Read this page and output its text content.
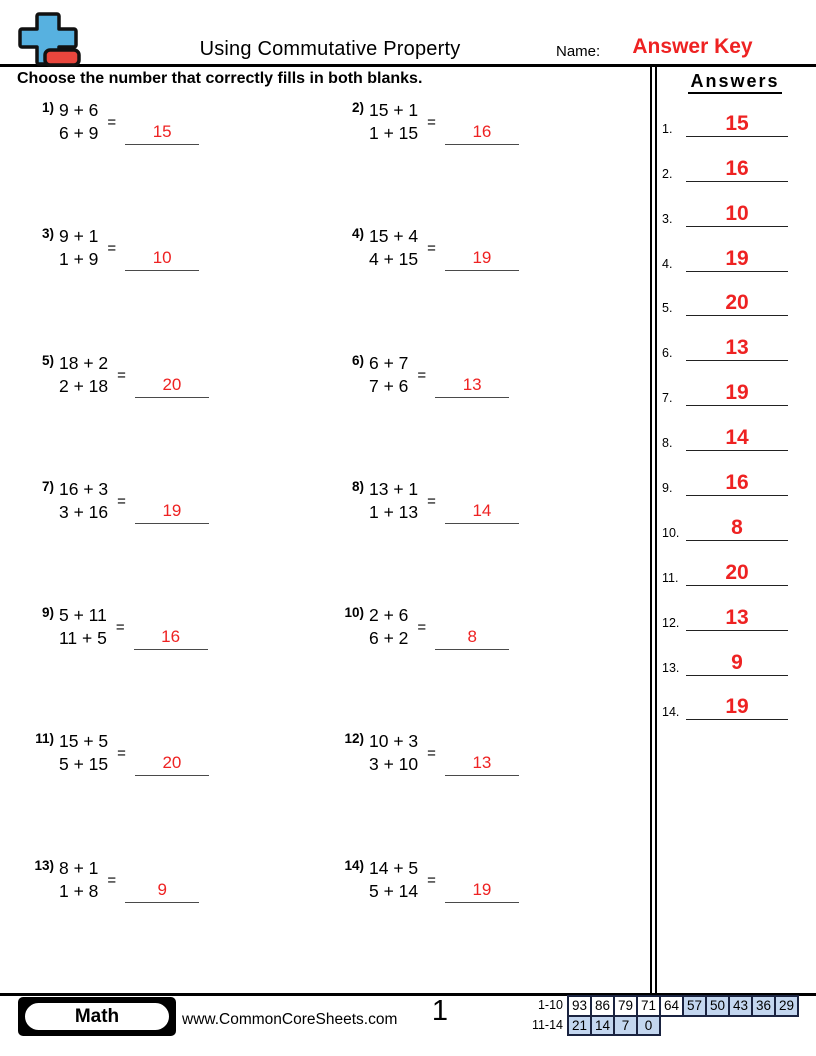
Using Commutative Property	Name:	Answer Key
Choose the number that correctly fills in both blanks.
1) 9 + 6
6 + 9
=	15
2) 15 + 1
1 + 15
=	16
3) 9 + 1
1 + 9
=	10
4) 15 + 4
4 + 15
=	19
5) 18 + 2
2 + 18
=	20
6) 6 + 7
7 + 6
=	13
7) 16 + 3
3 + 16
=	19
8) 13 + 1
1 + 13
=	14
9) 5 + 11
11 + 5
=	16
10) 2 + 6
6 + 2
=	8
11) 15 + 5
5 + 15
=	20
12) 10 + 3
3 + 10
=	13
13) 8 + 1
1 + 8
=	9
14) 14 + 5
5 + 14
=	19
Answers
1.	15
2.	16
3.	10
4.	19
5.	20
6.	13
7.	19
8.	14
9.	16
10.	8
11.	20
12.	13
13.	9
14.	19
Math	www.CommonCoreSheets.com	1	1-10 93 86 79 71 64 57 50 43 36 29
11-14 21 14 7	0
